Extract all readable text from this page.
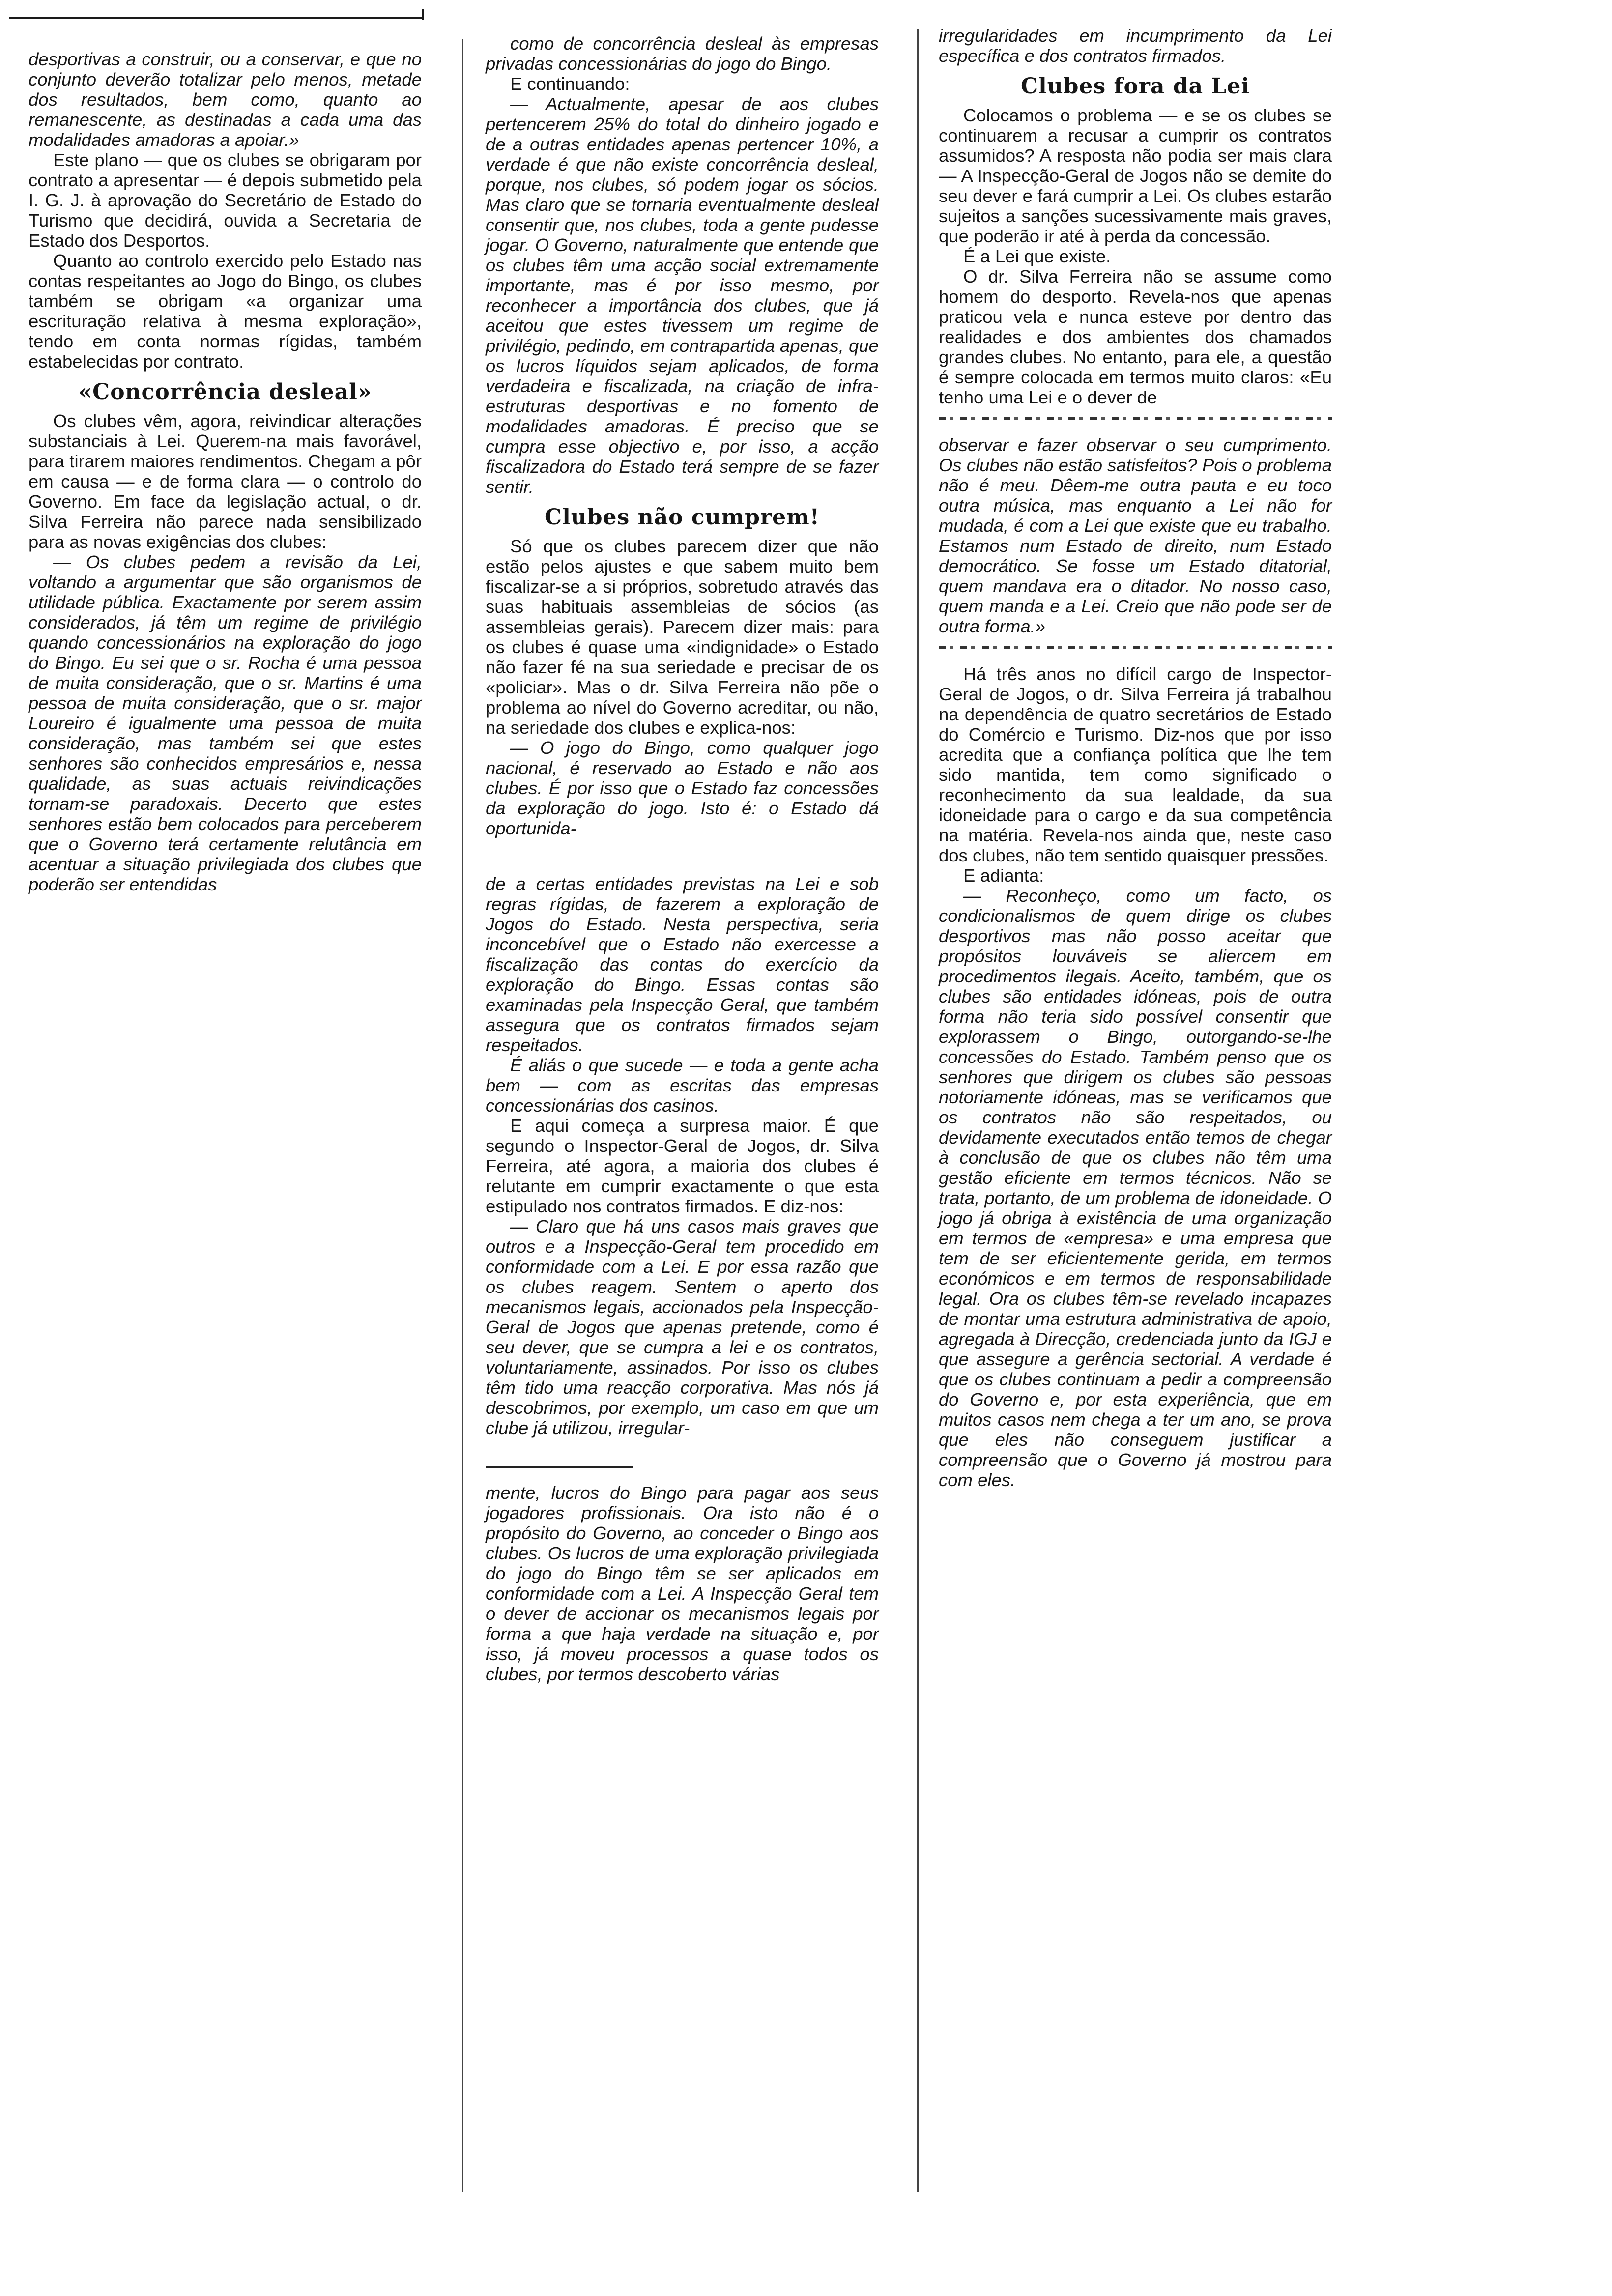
desportivas a construir, ou a conservar, e que no conjunto deverão totalizar pelo menos, metade dos resultados, bem como, quanto ao remanescente, as destinadas a cada uma das modalidades amadoras a apoiar.»

Este plano — que os clubes se obrigaram por contrato a apresentar — é depois submetido pela I. G. J. à aprovação do Secretário de Estado do Turismo que decidirá, ouvida a Secretaria de Estado dos Desportos.

Quanto ao controlo exercido pelo Estado nas contas respeitantes ao Jogo do Bingo, os clubes também se obrigam «a organizar uma escrituração relativa à mesma exploração», tendo em conta normas rígidas, também estabelecidas por contrato.

«Concorrência desleal»

Os clubes vêm, agora, reivindicar alterações substanciais à Lei. Querem-na mais favorável, para tirarem maiores rendimentos. Chegam a pôr em causa — e de forma clara — o controlo do Governo. Em face da legislação actual, o dr. Silva Ferreira não parece nada sensibilizado para as novas exigências dos clubes:

— Os clubes pedem a revisão da Lei, voltando a argumentar que são organismos de utilidade pública. Exactamente por serem assim considerados, já têm um regime de privilégio quando concessionários na exploração do jogo do Bingo. Eu sei que o sr. Rocha é uma pessoa de muita consideração, que o sr. Martins é uma pessoa de muita consideração, que o sr. major Loureiro é igualmente uma pessoa de muita consideração, mas também sei que estes senhores são conhecidos empresários e, nessa qualidade, as suas actuais reivindicações tornam-se paradoxais. Decerto que estes senhores estão bem colocados para perceberem que o Governo terá certamente relutância em acentuar a situação privilegiada dos clubes que poderão ser entendidas

como de concorrência desleal às empresas privadas concessionárias do jogo do Bingo.

E continuando:

— Actualmente, apesar de aos clubes pertencerem 25% do total do dinheiro jogado e de a outras entidades apenas pertencer 10%, a verdade é que não existe concorrência desleal, porque, nos clubes, só podem jogar os sócios. Mas claro que se tornaria eventualmente desleal consentir que, nos clubes, toda a gente pudesse jogar. O Governo, naturalmente que entende que os clubes têm uma acção social extremamente importante, mas é por isso mesmo, por reconhecer a importância dos clubes, que já aceitou que estes tivessem um regime de privilégio, pedindo, em contrapartida apenas, que os lucros líquidos sejam aplicados, de forma verdadeira e fiscalizada, na criação de infra-estruturas desportivas e no fomento de modalidades amadoras. É preciso que se cumpra esse objectivo e, por isso, a acção fiscalizadora do Estado terá sempre de se fazer sentir.

Clubes não cumprem!

Só que os clubes parecem dizer que não estão pelos ajustes e que sabem muito bem fiscalizar-se a si próprios, sobretudo através das suas habituais assembleias de sócios (as assembleias gerais). Parecem dizer mais: para os clubes é quase uma «indignidade» o Estado não fazer fé na sua seriedade e precisar de os «policiar». Mas o dr. Silva Ferreira não põe o problema ao nível do Governo acreditar, ou não, na seriedade dos clubes e explica-nos:

— O jogo do Bingo, como qualquer jogo nacional, é reservado ao Estado e não aos clubes. É por isso que o Estado faz concessões da exploração do jogo. Isto é: o Estado dá oportunida-

de a certas entidades previstas na Lei e sob regras rígidas, de fazerem a exploração de Jogos do Estado. Nesta perspectiva, seria inconcebível que o Estado não exercesse a fiscalização das contas do exercício da exploração do Bingo. Essas contas são examinadas pela Inspecção Geral, que também assegura que os contratos firmados sejam respeitados.

É aliás o que sucede — e toda a gente acha bem — com as escritas das empresas concessionárias dos casinos.

E aqui começa a surpresa maior. É que segundo o Inspector-Geral de Jogos, dr. Silva Ferreira, até agora, a maioria dos clubes é relutante em cumprir exactamente o que esta estipulado nos contratos firmados. E diz-nos:

— Claro que há uns casos mais graves que outros e a Inspecção-Geral tem procedido em conformidade com a Lei. E por essa razão que os clubes reagem. Sentem o aperto dos mecanismos legais, accionados pela Inspecção-Geral de Jogos que apenas pretende, como é seu dever, que se cumpra a lei e os contratos, voluntariamente, assinados. Por isso os clubes têm tido uma reacção corporativa. Mas nós já descobrimos, por exemplo, um caso em que um clube já utilizou, irregular-

mente, lucros do Bingo para pagar aos seus jogadores profissionais. Ora isto não é o propósito do Governo, ao conceder o Bingo aos clubes. Os lucros de uma exploração privilegiada do jogo do Bingo têm se ser aplicados em conformidade com a Lei. A Inspecção Geral tem o dever de accionar os mecanismos legais por forma a que haja verdade na situação e, por isso, já moveu processos a quase todos os clubes, por termos descoberto várias

irregularidades em incumprimento da Lei específica e dos contratos firmados.

Clubes fora da Lei

Colocamos o problema — e se os clubes se continuarem a recusar a cumprir os contratos assumidos? A resposta não podia ser mais clara — A Inspecção-Geral de Jogos não se demite do seu dever e fará cumprir a Lei. Os clubes estarão sujeitos a sanções sucessivamente mais graves, que poderão ir até à perda da concessão.

É a Lei que existe.

O dr. Silva Ferreira não se assume como homem do desporto. Revela-nos que apenas praticou vela e nunca esteve por dentro das realidades e dos ambientes dos chamados grandes clubes. No entanto, para ele, a questão é sempre colocada em termos muito claros: «Eu tenho uma Lei e o dever de

observar e fazer observar o seu cumprimento. Os clubes não estão satisfeitos? Pois o problema não é meu. Dêem-me outra pauta e eu toco outra música, mas enquanto a Lei não for mudada, é com a Lei que existe que eu trabalho. Estamos num Estado de direito, num Estado democrático. Se fosse um Estado ditatorial, quem mandava era o ditador. No nosso caso, quem manda e a Lei. Creio que não pode ser de outra forma.»

Há três anos no difícil cargo de Inspector-Geral de Jogos, o dr. Silva Ferreira já trabalhou na dependência de quatro secretários de Estado do Comércio e Turismo. Diz-nos que por isso acredita que a confiança política que lhe tem sido mantida, tem como significado o reconhecimento da sua lealdade, da sua idoneidade para o cargo e da sua competência na matéria. Revela-nos ainda que, neste caso dos clubes, não tem sentido quaisquer pressões.

E adianta:

— Reconheço, como um facto, os condicionalismos de quem dirige os clubes desportivos mas não posso aceitar que propósitos louváveis se aliercem em procedimentos ilegais. Aceito, também, que os clubes são entidades idóneas, pois de outra forma não teria sido possível consentir que explorassem o Bingo, outorgando-se-lhe concessões do Estado. Também penso que os senhores que dirigem os clubes são pessoas notoriamente idóneas, mas se verificamos que os contratos não são respeitados, ou devidamente executados então temos de chegar à conclusão de que os clubes não têm uma gestão eficiente em termos técnicos. Não se trata, portanto, de um problema de idoneidade. O jogo já obriga à existência de uma organização em termos de «empresa» e uma empresa que tem de ser eficientemente gerida, em termos económicos e em termos de responsabilidade legal. Ora os clubes têm-se revelado incapazes de montar uma estrutura administrativa de apoio, agregada à Direcção, credenciada junto da IGJ e que assegure a gerência sectorial. A verdade é que os clubes continuam a pedir a compreensão do Governo e, por esta experiência, que em muitos casos nem chega a ter um ano, se prova que eles não conseguem justificar a compreensão que o Governo já mostrou para com eles.
